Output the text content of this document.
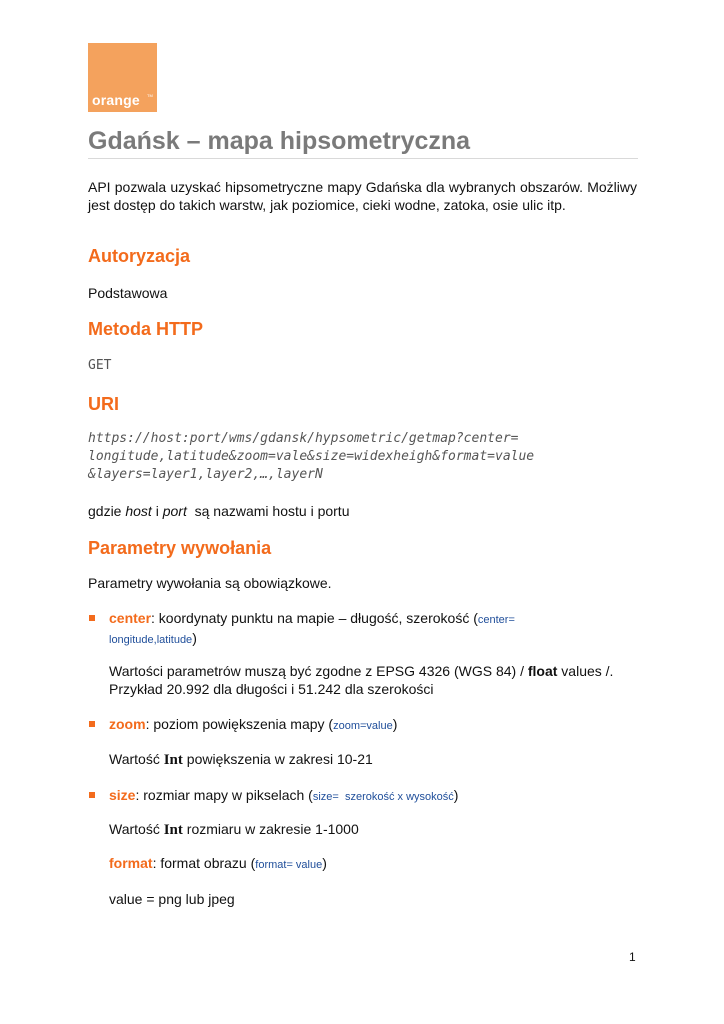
orange TM
Gdańsk – mapa hipsometryczna
API pozwala uzyskać hipsometryczne mapy Gdańska dla wybranych obszarów. Możliwy jest dostęp do takich warstw, jak poziomice, cieki wodne, zatoka, osie ulic itp.
Autoryzacja
Podstawowa
Metoda HTTP
GET
URI
https://host:port/wms/gdansk/hypsometric/getmap?center=
longitude,latitude&zoom=vale&size=widexheigh&format=value
&layers=layer1,layer2,…,layerN
gdzie host i port  są nazwami hostu i portu
Parametry wywołania
Parametry wywołania są obowiązkowe.
center: koordynaty punktu na mapie – długość, szerokość (center=
longitude,latitude)
Wartości parametrów muszą być zgodne z EPSG 4326 (WGS 84) / float values /.
Przykład 20.992 dla długości i 51.242 dla szerokości
zoom: poziom powiększenia mapy (zoom=value)
Wartość Int powiększenia w zakresi 10-21
size: rozmiar mapy w pikselach (size=  szerokość x wysokość)
Wartość Int rozmiaru w zakresie 1-1000
format: format obrazu (format= value)
value = png lub jpeg
1
